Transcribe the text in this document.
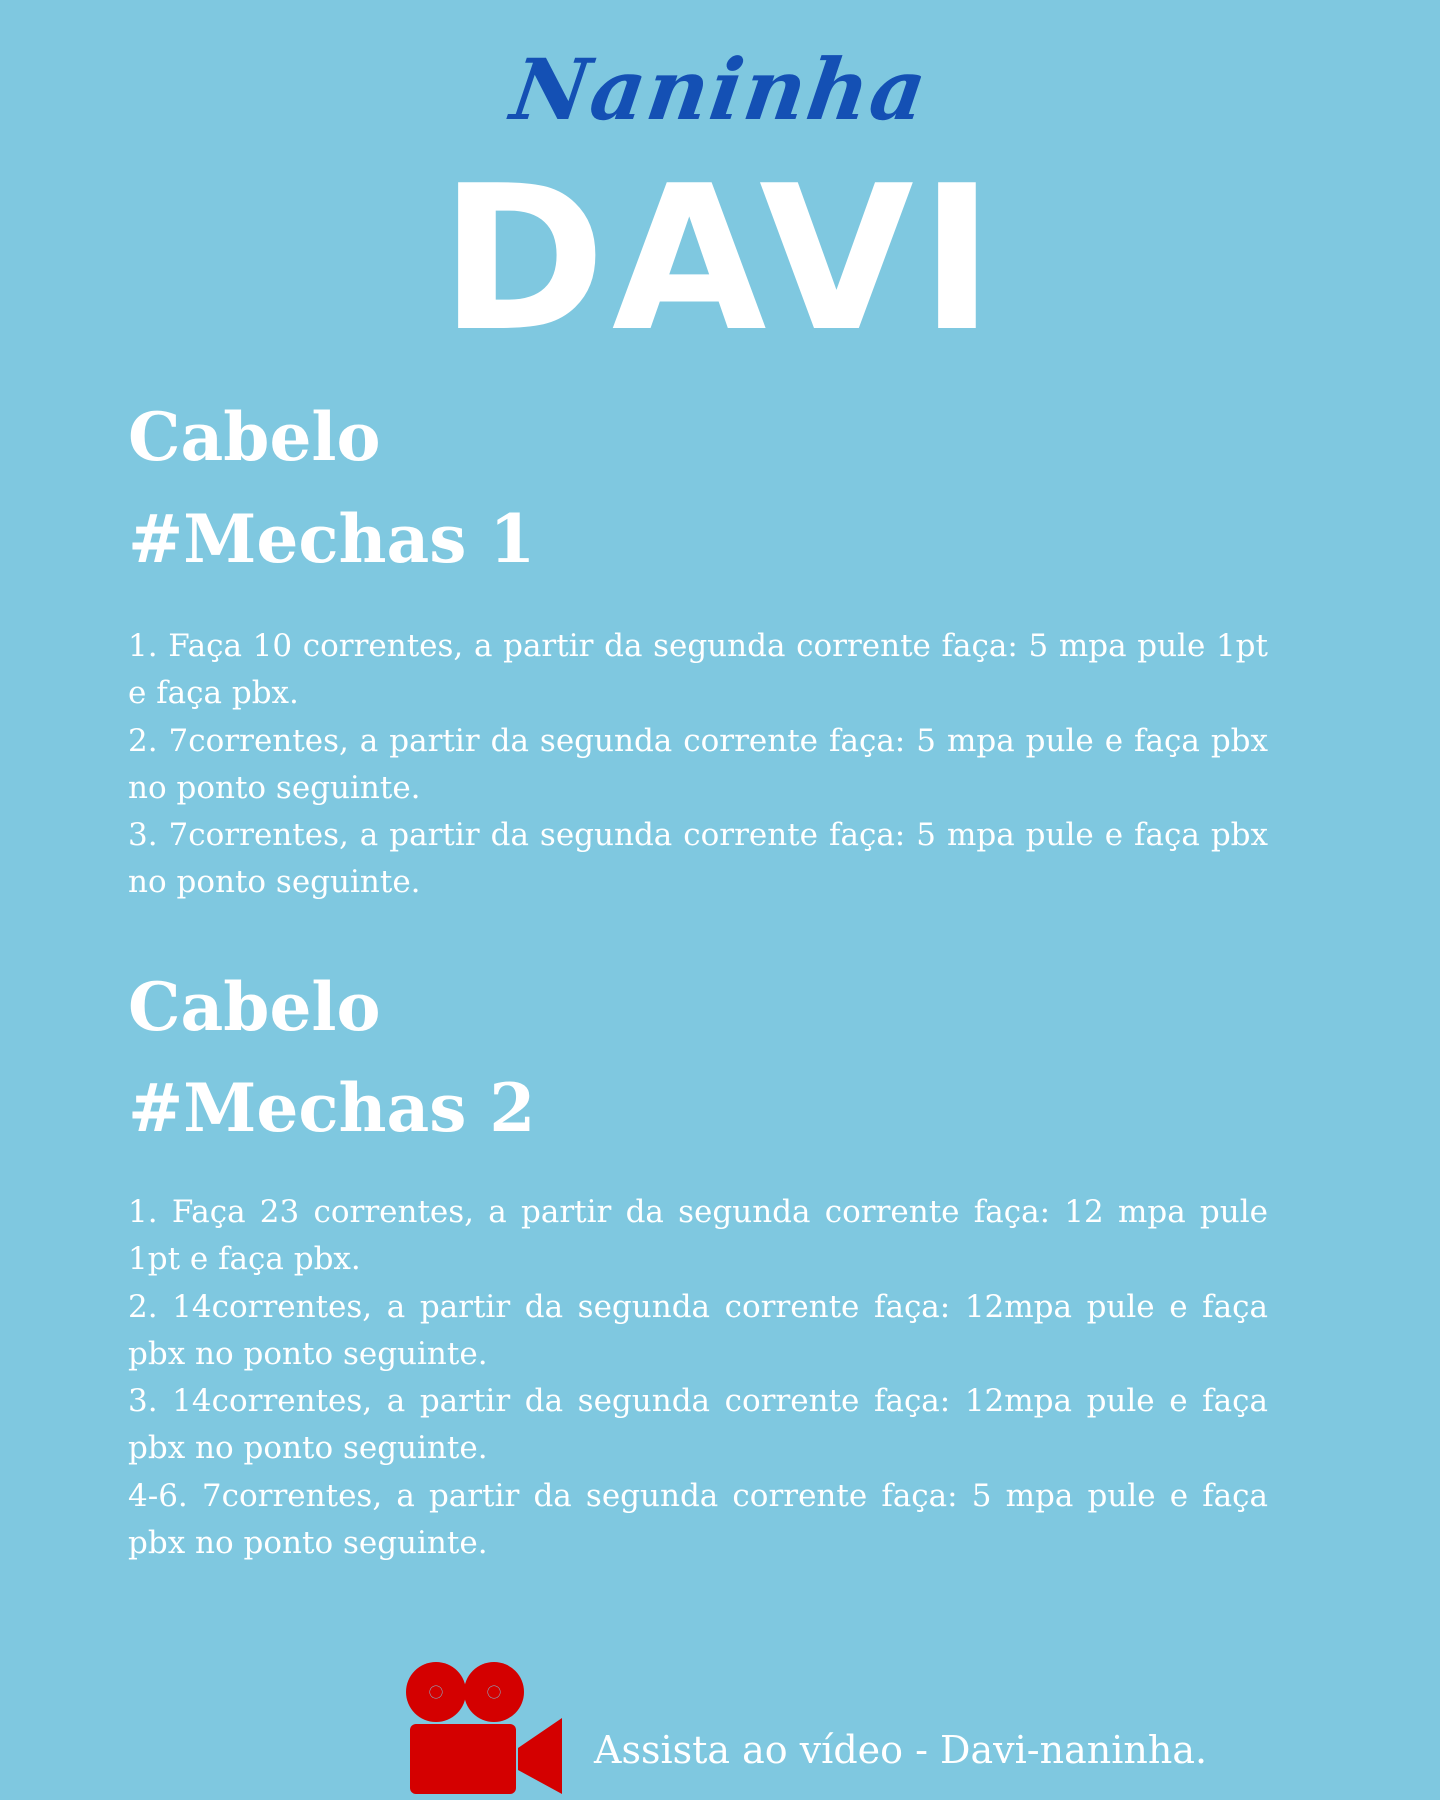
Naninha
DAVI
Cabelo
#Mechas 1
1. Faça 10 correntes, a partir da segunda corrente faça: 5 mpa pule 1pt e faça pbx.
2. 7correntes, a partir da segunda corrente faça: 5 mpa pule e faça pbx no ponto seguinte.
3. 7correntes, a partir da segunda corrente faça: 5 mpa pule e faça pbx no ponto seguinte.
Cabelo
#Mechas 2
1. Faça 23 correntes, a partir da segunda corrente faça: 12 mpa pule 1pt e faça pbx.
2. 14correntes, a partir da segunda corrente faça: 12mpa pule e faça pbx no ponto seguinte.
3. 14correntes, a partir da segunda corrente faça: 12mpa pule e faça pbx no ponto seguinte.
4-6. 7correntes, a partir da segunda corrente faça: 5 mpa pule e faça pbx no ponto seguinte.
Assista ao vídeo - Davi-naninha.
